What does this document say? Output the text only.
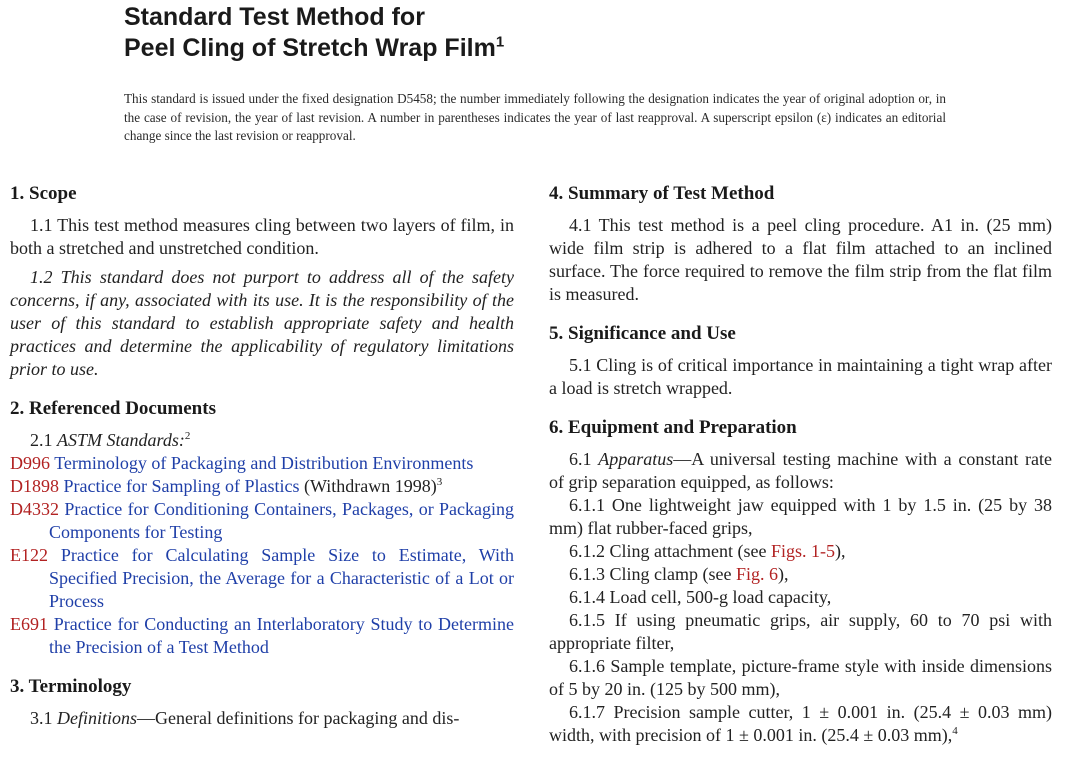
Standard Test Method for
Peel Cling of Stretch Wrap Film$^1$

This standard is issued under the fixed designation D5458; the number immediately following the designation indicates the year of original adoption or, in the case of revision, the year of last revision. A number in parentheses indicates the year of last reapproval. A superscript epsilon (ε) indicates an editorial change since the last revision or reapproval.

1. Scope

1.1 This test method measures cling between two layers of film, in both a stretched and unstretched condition.

1.2 This standard does not purport to address all of the safety concerns, if any, associated with its use. It is the responsibility of the user of this standard to establish appropriate safety and health practices and determine the applicability of regulatory limitations prior to use.

2. Referenced Documents

2.1 ASTM Standards:$^2$

D996 Terminology of Packaging and Distribution Environments

D1898 Practice for Sampling of Plastics (Withdrawn 1998)$^3$

D4332 Practice for Conditioning Containers, Packages, or Packaging Components for Testing

E122 Practice for Calculating Sample Size to Estimate, With Specified Precision, the Average for a Characteristic of a Lot or Process

E691 Practice for Conducting an Interlaboratory Study to Determine the Precision of a Test Method

3. Terminology

3.1 Definitions—General definitions for packaging and dis-

4. Summary of Test Method

4.1 This test method is a peel cling procedure. A1 in. (25 mm) wide film strip is adhered to a flat film attached to an inclined surface. The force required to remove the film strip from the flat film is measured.

5. Significance and Use

5.1 Cling is of critical importance in maintaining a tight wrap after a load is stretch wrapped.

6. Equipment and Preparation

6.1 Apparatus—A universal testing machine with a constant rate of grip separation equipped, as follows:

6.1.1 One lightweight jaw equipped with 1 by 1.5 in. (25 by 38 mm) flat rubber-faced grips,

6.1.2 Cling attachment (see Figs. 1-5),

6.1.3 Cling clamp (see Fig. 6),

6.1.4 Load cell, 500-g load capacity,

6.1.5 If using pneumatic grips, air supply, 60 to 70 psi with appropriate filter,

6.1.6 Sample template, picture-frame style with inside dimensions of 5 by 20 in. (125 by 500 mm),

6.1.7 Precision sample cutter, 1 ± 0.001 in. (25.4 ± 0.03 mm) width, with precision of 1 ± 0.001 in. (25.4 ± 0.03 mm),$^4$
